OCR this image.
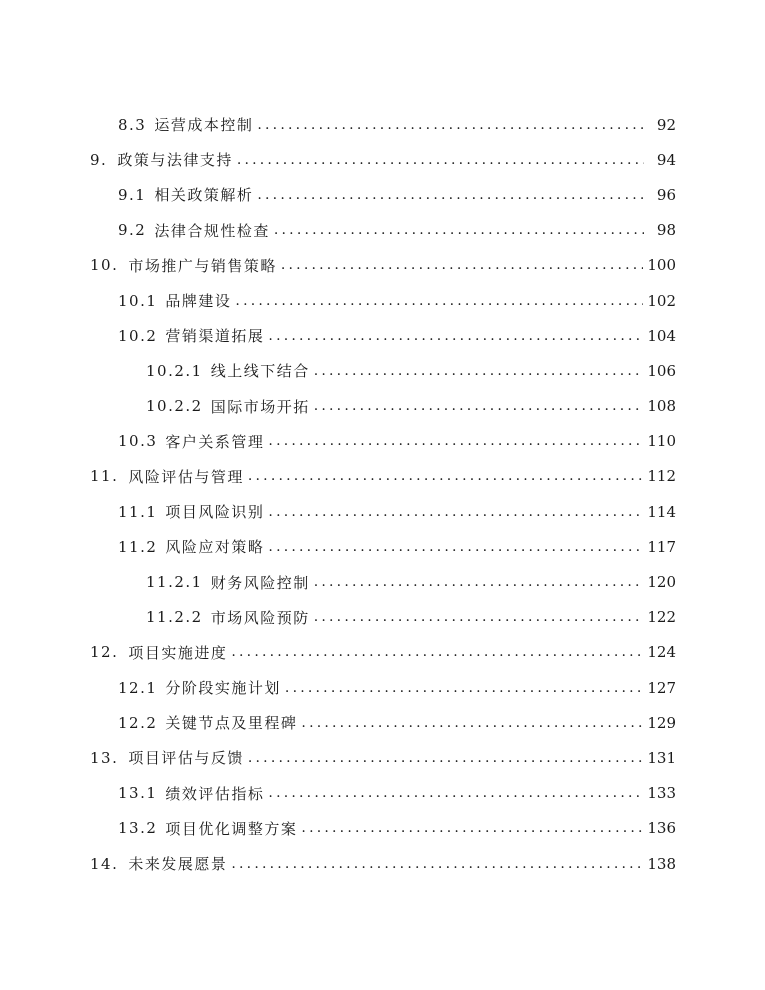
8.3 运营成本控制 .....	92
9. 政策与法律支持 .....	94
9.1 相关政策解析 .....	96
9.2 法律合规性检查 .....	98
10. 市场推广与销售策略 .....	100
10.1 品牌建设 .....	102
10.2 营销渠道拓展 .....	104
10.2.1 线上线下结合 .....	106
10.2.2 国际市场开拓 .....	108
10.3 客户关系管理 .....	110
11. 风险评估与管理 .....	112
11.1 项目风险识别 .....	114
11.2 风险应对策略 .....	117
11.2.1 财务风险控制 .....	120
11.2.2 市场风险预防 .....	122
12. 项目实施进度 .....	124
12.1 分阶段实施计划 .....	127
12.2 关键节点及里程碑 .....	129
13. 项目评估与反馈 .....	131
13.1 绩效评估指标 .....	133
13.2 项目优化调整方案 .....	136
14. 未来发展愿景 .....	138
